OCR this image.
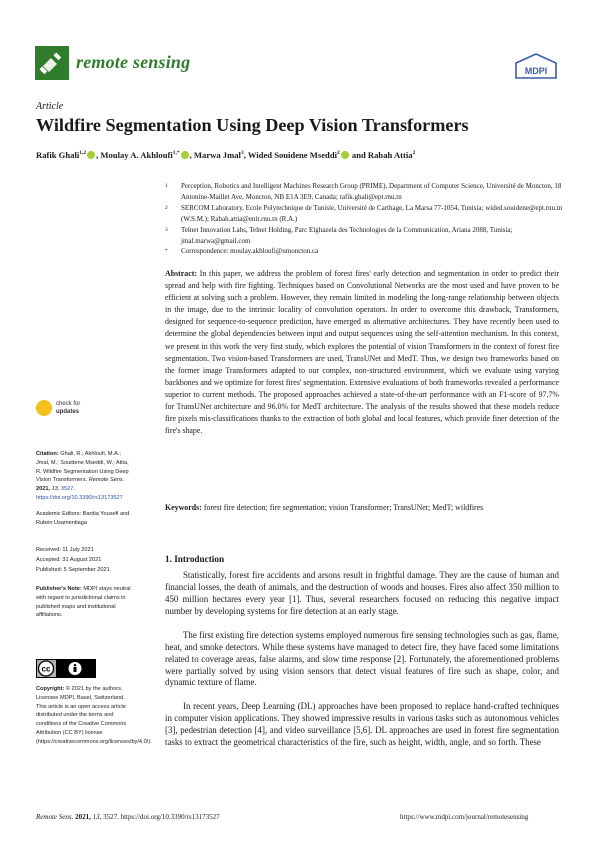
remote sensing	MDPI
Article
Wildfire Segmentation Using Deep Vision Transformers
Rafik Ghali$^{1,2}$ , Moulay A. Akhloufi$^{1,*}$ , Marwa Jmal$^3$, Wided Souidene Mseddi$^2$ and Rabah Attia$^2$
1 Perception, Robotics and Intelligent Machines Research Group (PRIME), Department of Computer Science, Université de Moncton, 18 Antonine-Maillet Ave, Moncton, NB E1A 3E9, Canada; rafik.ghali@ept.rnu.tn
2 SERCOM Laboratory, Ecole Polytechnique de Tunisie, Université de Carthage, La Marsa 77-1054, Tunisia; wided.souidene@ept.rnu.tn (W.S.M.); Rabah.attia@enit.rnu.tn (R.A.)
3 Telnet Innovation Labs, Telnet Holding, Parc Elghazela des Technologies de la Communication, Ariana 2088, Tunisia; jmal.marwa@gmail.com
* Correspondence: moulay.akhloufi@umoncton.ca
Abstract: In this paper, we address the problem of forest fires' early detection and segmentation in order to predict their spread and help with fire fighting. Techniques based on Convolutional Networks are the most used and have proven to be efficient at solving such a problem. However, they remain limited in modeling the long-range relationship between objects in the image, due to the intrinsic locality of convolution operators. In order to overcome this drawback, Transformers, designed for sequence-to-sequence prediction, have emerged as alternative architectures. They have recently been used to determine the global dependencies between input and output sequences using the self-attention mechanism. In this context, we present in this work the very first study, which explores the potential of vision Transformers in the context of forest fire segmentation. Two vision-based Transformers are used, TransUNet and MedT. Thus, we design two frameworks based on the former image Transformers adapted to our complex, non-structured environment, which we evaluate using varying backbones and we optimize for forest fires' segmentation. Extensive evaluations of both frameworks revealed a performance superior to current methods. The proposed approaches achieved a state-of-the-art performance with an F1-score of 97.7% for TransUNet architecture and 96.0% for MedT architecture. The analysis of the results showed that these models reduce fire pixels mis-classifications thanks to the extraction of both global and local features, which provide finer detection of the fire's shape.
Keywords: forest fire detection; fire segmentation; vision Transformer; TransUNet; MedT; wildfires
check for
updates
Citation: Ghali, R.; Akhloufi, M.A.; Jmal, M.; Souidene Mseddi, W.; Attia, R. Wildfire Segmentation Using Deep Vision Transformers. Remote Sens. 2021, 13, 3527. https://doi.org/10.3390/rs13173527
Academic Editors: Bardia Yousefi and Rubén Usamentiaga
Received: 11 July 2021
Accepted: 31 August 2021
Published: 5 September 2021
Publisher's Note: MDPI stays neutral with regard to jurisdictional claims in published maps and institutional affiliations.
cc
Copyright: © 2021 by the authors. Licensee MDPI, Basel, Switzerland. This article is an open access article distributed under the terms and conditions of the Creative Commons Attribution (CC BY) license (https://creativecommons.org/licenses/by/4.0/).
1. Introduction

Statistically, forest fire accidents and arsons result in frightful damage. They are the cause of human and financial losses, the death of animals, and the destruction of woods and houses. Fires also affect 350 million to 450 million hectares every year [1]. Thus, several researchers focused on reducing this negative impact number by developing systems for fire detection at an early stage.

The first existing fire detection systems employed numerous fire sensing technologies such as gas, flame, heat, and smoke detectors. While these systems have managed to detect fire, they have faced some limitations related to coverage areas, false alarms, and slow time response [2]. Fortunately, the aforementioned problems were partially solved by using vision sensors that detect visual features of fire such as shape, color, and dynamic texture of flame.

In recent years, Deep Learning (DL) approaches have been proposed to replace hand-crafted techniques in computer vision applications. They showed impressive results in various tasks such as autonomous vehicles [3], pedestrian detection [4], and video surveillance [5,6]. DL approaches are used in forest fire segmentation tasks to extract the geometrical characteristics of the fire, such as height, width, angle, and so forth. These

Remote Sens. 2021, 13, 3527. https://doi.org/10.3390/rs13173527	https://www.mdpi.com/journal/remotesensing
